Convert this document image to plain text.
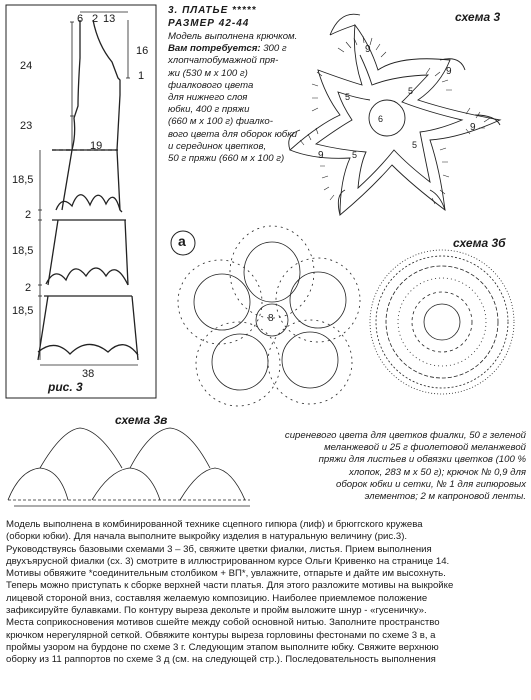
6
5
5
5
5
6 2 13
16
1
24
23
18,5
2
18,5
2
18,5
19
38
рис. 3
3. ПЛАТЬЕ *****
РАЗМЕР 42-44
Модель выполнена крючком.
Вам потребуется: 300 г
хлопчатобумажной пря-
жи (530 м х 100 г)
фиалкового цвета
для нижнего слоя
юбки, 400 г пряжи
(660 м х 100 г) фиалко-
вого цвета для оборок юбки
и серединок цветков,
50 г пряжи (660 м х 100 г)
схема 3
схема 3б
схема 3в
а
8
9
9
9
9
сиреневого цвета для цветков фиалки, 50 г зеленой
меланжевой и 25 г фиолетовой меланжевой
пряжи для листьев и обвязки цветков (100 %
хлопок, 283 м х 50 г); крючок № 0,9 для
оборок юбки и сетки, № 1 для гипюровых
элементов; 2 м капроновой ленты.
Модель выполнена в комбинированной технике сцепного гипюра (лиф) и брюггского кружева
(оборки юбки). Для начала выполните выкройку изделия в натуральную величину (рис.3).
Руководствуясь базовыми схемами 3 – 3б, свяжите цветки фиалки, листья. Прием выполнения
двухъярусной фиалки (сх. 3) смотрите в иллюстрированном курсе Ольги Кривенко на странице 14.
Мотивы обвяжите *соединительным столбиком + ВП*, увлажните, отпарьте и дайте им высохнуть.
Теперь можно приступать к сборке верхней части платья. Для этого разложите мотивы на выкройке
лицевой стороной вниз, составляя желаемую композицию. Наиболее приемлемое положение
зафиксируйте булавками. По контуру выреза декольте и пройм выложите шнур - «гусеничку».
Места соприкосновения мотивов сшейте между собой основной нитью. Заполните пространство
крючком нерегулярной сеткой. Обвяжите контуры выреза горловины фестонами по схеме 3 в, а
проймы узором на бурдоне по схеме 3 г. Следующим этапом выполните юбку. Свяжите верхнюю
оборку из 11 раппортов по схеме 3 д (см. на следующей стр.). Последовательность выполнения
